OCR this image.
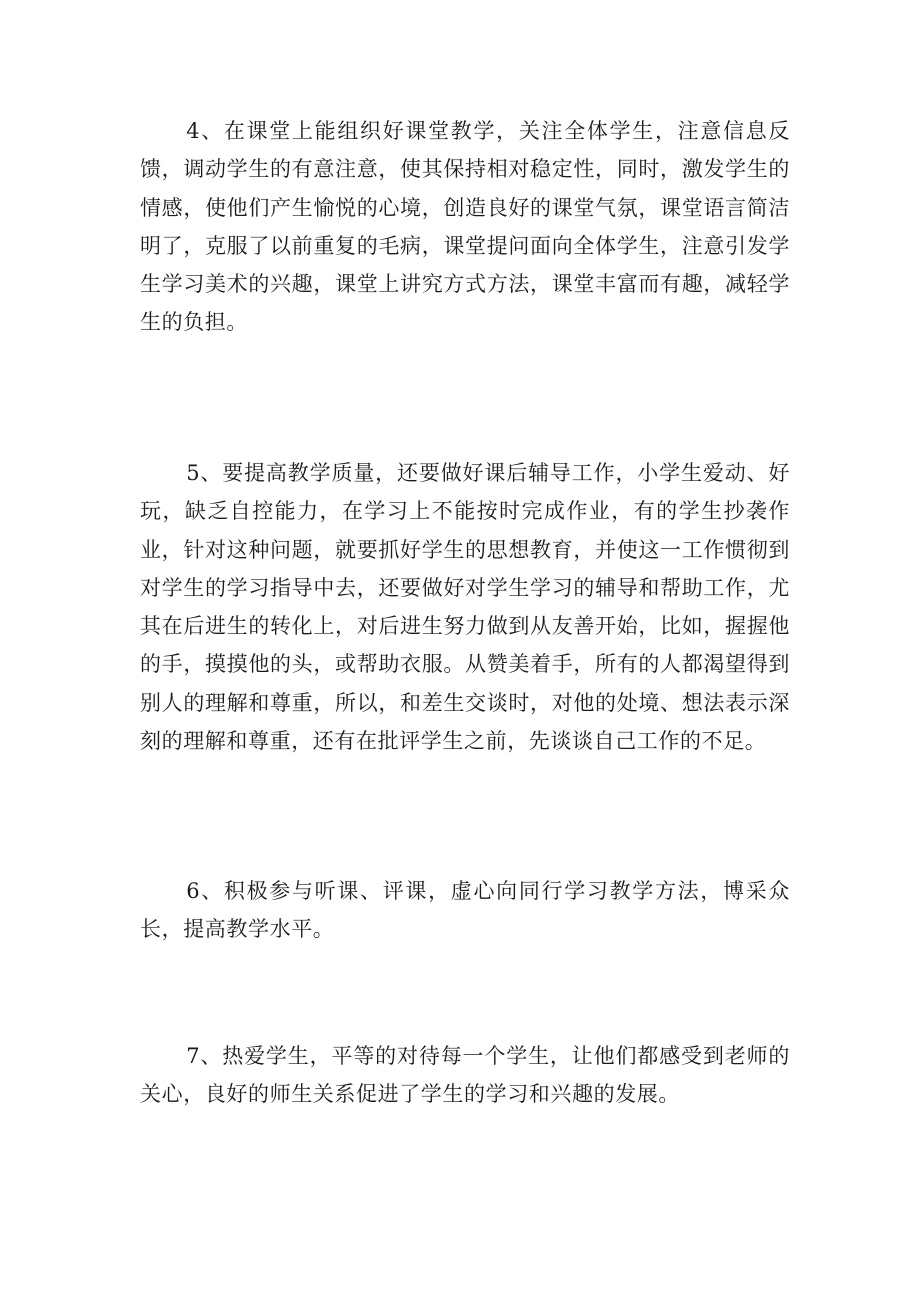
4、在课堂上能组织好课堂教学，关注全体学生，注意信息反馈，调动学生的有意注意，使其保持相对稳定性，同时，激发学生的情感，使他们产生愉悦的心境，创造良好的课堂气氛，课堂语言简洁明了，克服了以前重复的毛病，课堂提问面向全体学生，注意引发学生学习美术的兴趣，课堂上讲究方式方法，课堂丰富而有趣，减轻学生的负担。

5、要提高教学质量，还要做好课后辅导工作，小学生爱动、好玩，缺乏自控能力，在学习上不能按时完成作业，有的学生抄袭作业，针对这种问题，就要抓好学生的思想教育，并使这一工作惯彻到对学生的学习指导中去，还要做好对学生学习的辅导和帮助工作，尤其在后进生的转化上，对后进生努力做到从友善开始，比如，握握他的手，摸摸他的头，或帮助衣服。从赞美着手，所有的人都渴望得到别人的理解和尊重，所以，和差生交谈时，对他的处境、想法表示深刻的理解和尊重，还有在批评学生之前，先谈谈自己工作的不足。

6、积极参与听课、评课，虚心向同行学习教学方法，博采众长，提高教学水平。

7、热爱学生，平等的对待每一个学生，让他们都感受到老师的关心，良好的师生关系促进了学生的学习和兴趣的发展。
